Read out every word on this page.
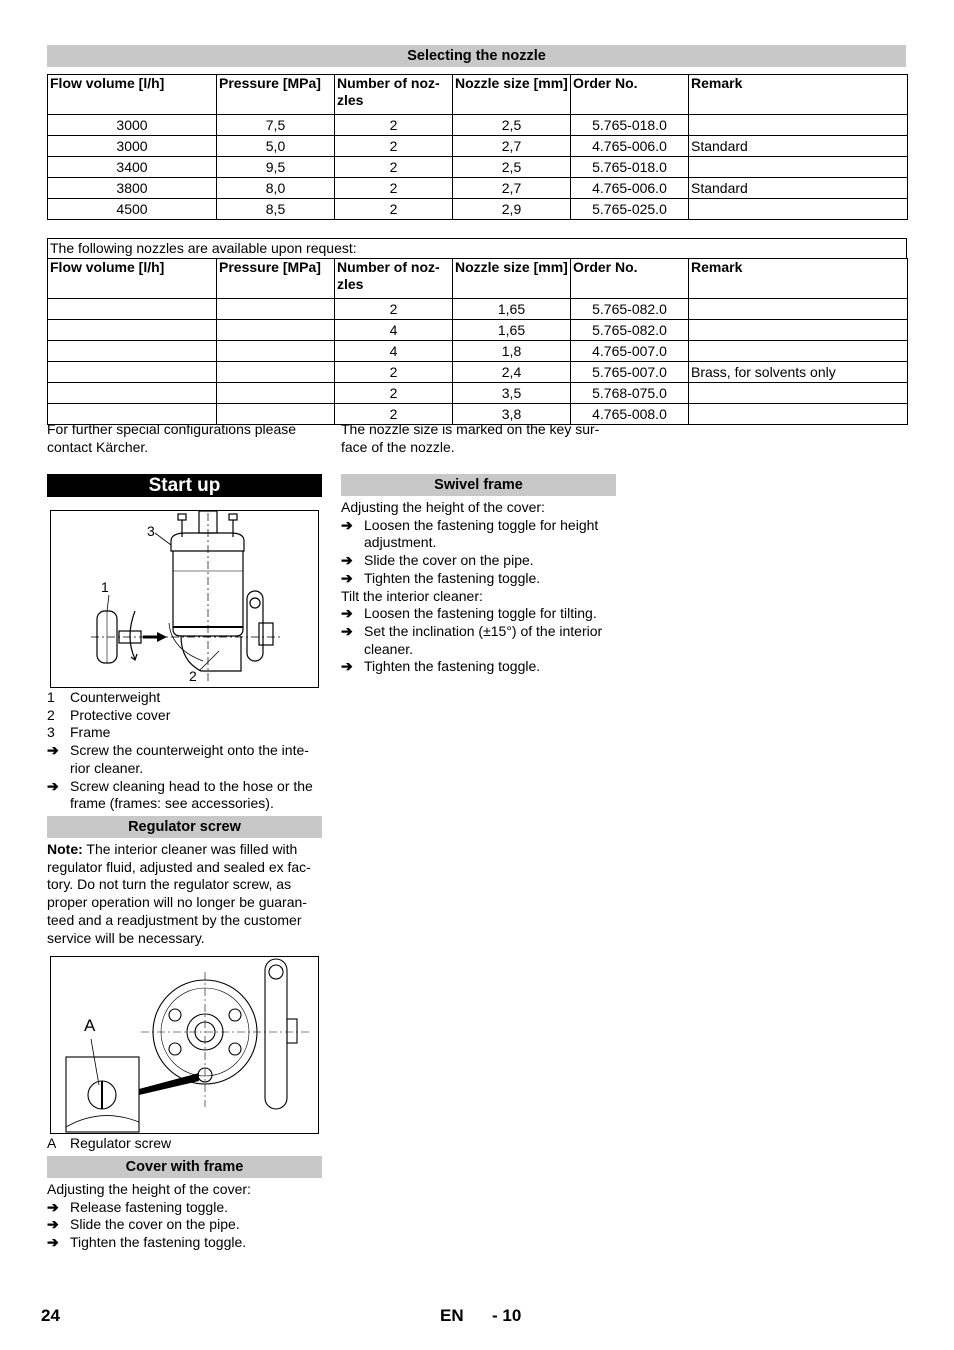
Selecting the nozzle
Flow volume [l/h]	Pressure [MPa]	Number of noz-
zles	Nozzle size [mm]	Order No.	Remark
3000	7,5	2	2,5	5.765-018.0	
3000	5,0	2	2,7	4.765-006.0	Standard
3400	9,5	2	2,5	5.765-018.0	
3800	8,0	2	2,7	4.765-006.0	Standard
4500	8,5	2	2,9	5.765-025.0	
The following nozzles are available upon request:
Flow volume [l/h]	Pressure [MPa]	Number of noz-
zles	Nozzle size [mm]	Order No.	Remark
		2	1,65	5.765-082.0	
		4	1,65	5.765-082.0	
		4	1,8	4.765-007.0	
		2	2,4	5.765-007.0	Brass, for solvents only
		2	3,5	5.768-075.0	
		2	3,8	4.765-008.0	
For further special configurations please contact Kärcher.
The nozzle size is marked on the key sur-face of the nozzle.
Start up
3
1
2
1	Counterweight
2	Protective cover
3	Frame
➔ Screw the counterweight onto the inte-rior cleaner.
➔ Screw cleaning head to the hose or the frame (frames: see accessories).
Regulator screw
Note: The interior cleaner was filled with regulator fluid, adjusted and sealed ex fac-tory. Do not turn the regulator screw, as proper operation will no longer be guaran-teed and a readjustment by the customer service will be necessary.
A
A Regulator screw
Cover with frame
Adjusting the height of the cover:
➔ Release fastening toggle.
➔ Slide the cover on the pipe.
➔ Tighten the fastening toggle.
Swivel frame
Adjusting the height of the cover:
➔ Loosen the fastening toggle for height adjustment.
➔ Slide the cover on the pipe.
➔ Tighten the fastening toggle.
Tilt the interior cleaner:
➔ Loosen the fastening toggle for tilting.
➔ Set the inclination (±15°) of the interior cleaner.
➔ Tighten the fastening toggle.
24	EN - 10
